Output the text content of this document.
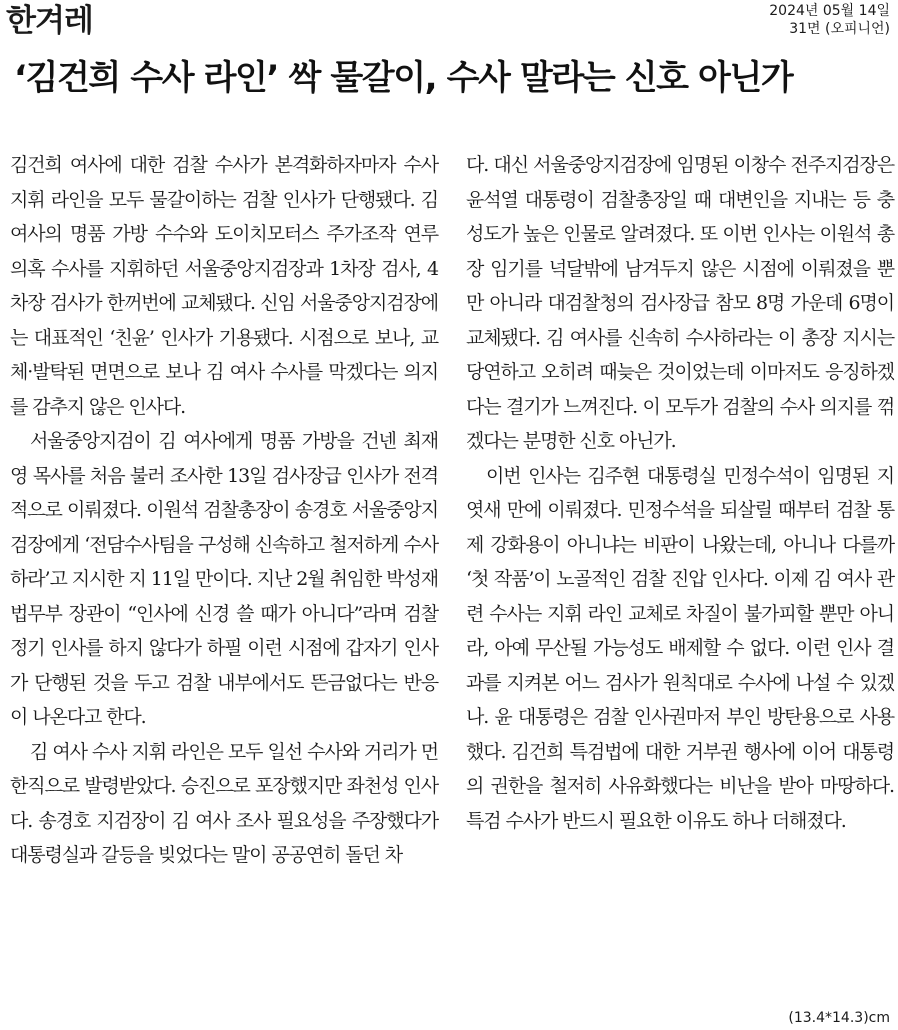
한겨레	2024년 05월 14일
31면 (오피니언)
‘김건희 수사 라인’ 싹 물갈이, 수사 말라는 신호 아닌가

김건희 여사에 대한 검찰 수사가 본격화하자마자 수사 지휘 라인을 모두 물갈이하는 검찰 인사가 단행됐다. 김 여사의 명품 가방 수수와 도이치모터스 주가조작 연루 의혹 수사를 지휘하던 서울중앙지검장과 1차장 검사, 4차장 검사가 한꺼번에 교체됐다. 신임 서울중앙지검장에는 대표적인 ‘친윤’ 인사가 기용됐다. 시점으로 보나, 교체·발탁된 면면으로 보나 김 여사 수사를 막겠다는 의지를 감추지 않은 인사다.

서울중앙지검이 김 여사에게 명품 가방을 건넨 최재영 목사를 처음 불러 조사한 13일 검사장급 인사가 전격적으로 이뤄졌다. 이원석 검찰총장이 송경호 서울중앙지검장에게 ‘전담수사팀을 구성해 신속하고 철저하게 수사하라’고 지시한 지 11일 만이다. 지난 2월 취임한 박성재 법무부 장관이 “인사에 신경 쓸 때가 아니다”라며 검찰 정기 인사를 하지 않다가 하필 이런 시점에 갑자기 인사가 단행된 것을 두고 검찰 내부에서도 뜬금없다는 반응이 나온다고 한다.

김 여사 수사 지휘 라인은 모두 일선 수사와 거리가 먼 한직으로 발령받았다. 승진으로 포장했지만 좌천성 인사다. 송경호 지검장이 김 여사 조사 필요성을 주장했다가 대통령실과 갈등을 빚었다는 말이 공공연히 돌던 차

다. 대신 서울중앙지검장에 임명된 이창수 전주지검장은 윤석열 대통령이 검찰총장일 때 대변인을 지내는 등 충성도가 높은 인물로 알려졌다. 또 이번 인사는 이원석 총장 임기를 넉달밖에 남겨두지 않은 시점에 이뤄졌을 뿐만 아니라 대검찰청의 검사장급 참모 8명 가운데 6명이 교체됐다. 김 여사를 신속히 수사하라는 이 총장 지시는 당연하고 오히려 때늦은 것이었는데 이마저도 응징하겠다는 결기가 느껴진다. 이 모두가 검찰의 수사 의지를 꺾겠다는 분명한 신호 아닌가.

이번 인사는 김주현 대통령실 민정수석이 임명된 지 엿새 만에 이뤄졌다. 민정수석을 되살릴 때부터 검찰 통제 강화용이 아니냐는 비판이 나왔는데, 아니나 다를까 ‘첫 작품’이 노골적인 검찰 진압 인사다. 이제 김 여사 관련 수사는 지휘 라인 교체로 차질이 불가피할 뿐만 아니라, 아예 무산될 가능성도 배제할 수 없다. 이런 인사 결과를 지켜본 어느 검사가 원칙대로 수사에 나설 수 있겠나. 윤 대통령은 검찰 인사권마저 부인 방탄용으로 사용했다. 김건희 특검법에 대한 거부권 행사에 이어 대통령의 권한을 철저히 사유화했다는 비난을 받아 마땅하다. 특검 수사가 반드시 필요한 이유도 하나 더해졌다.

(13.4*14.3)cm
